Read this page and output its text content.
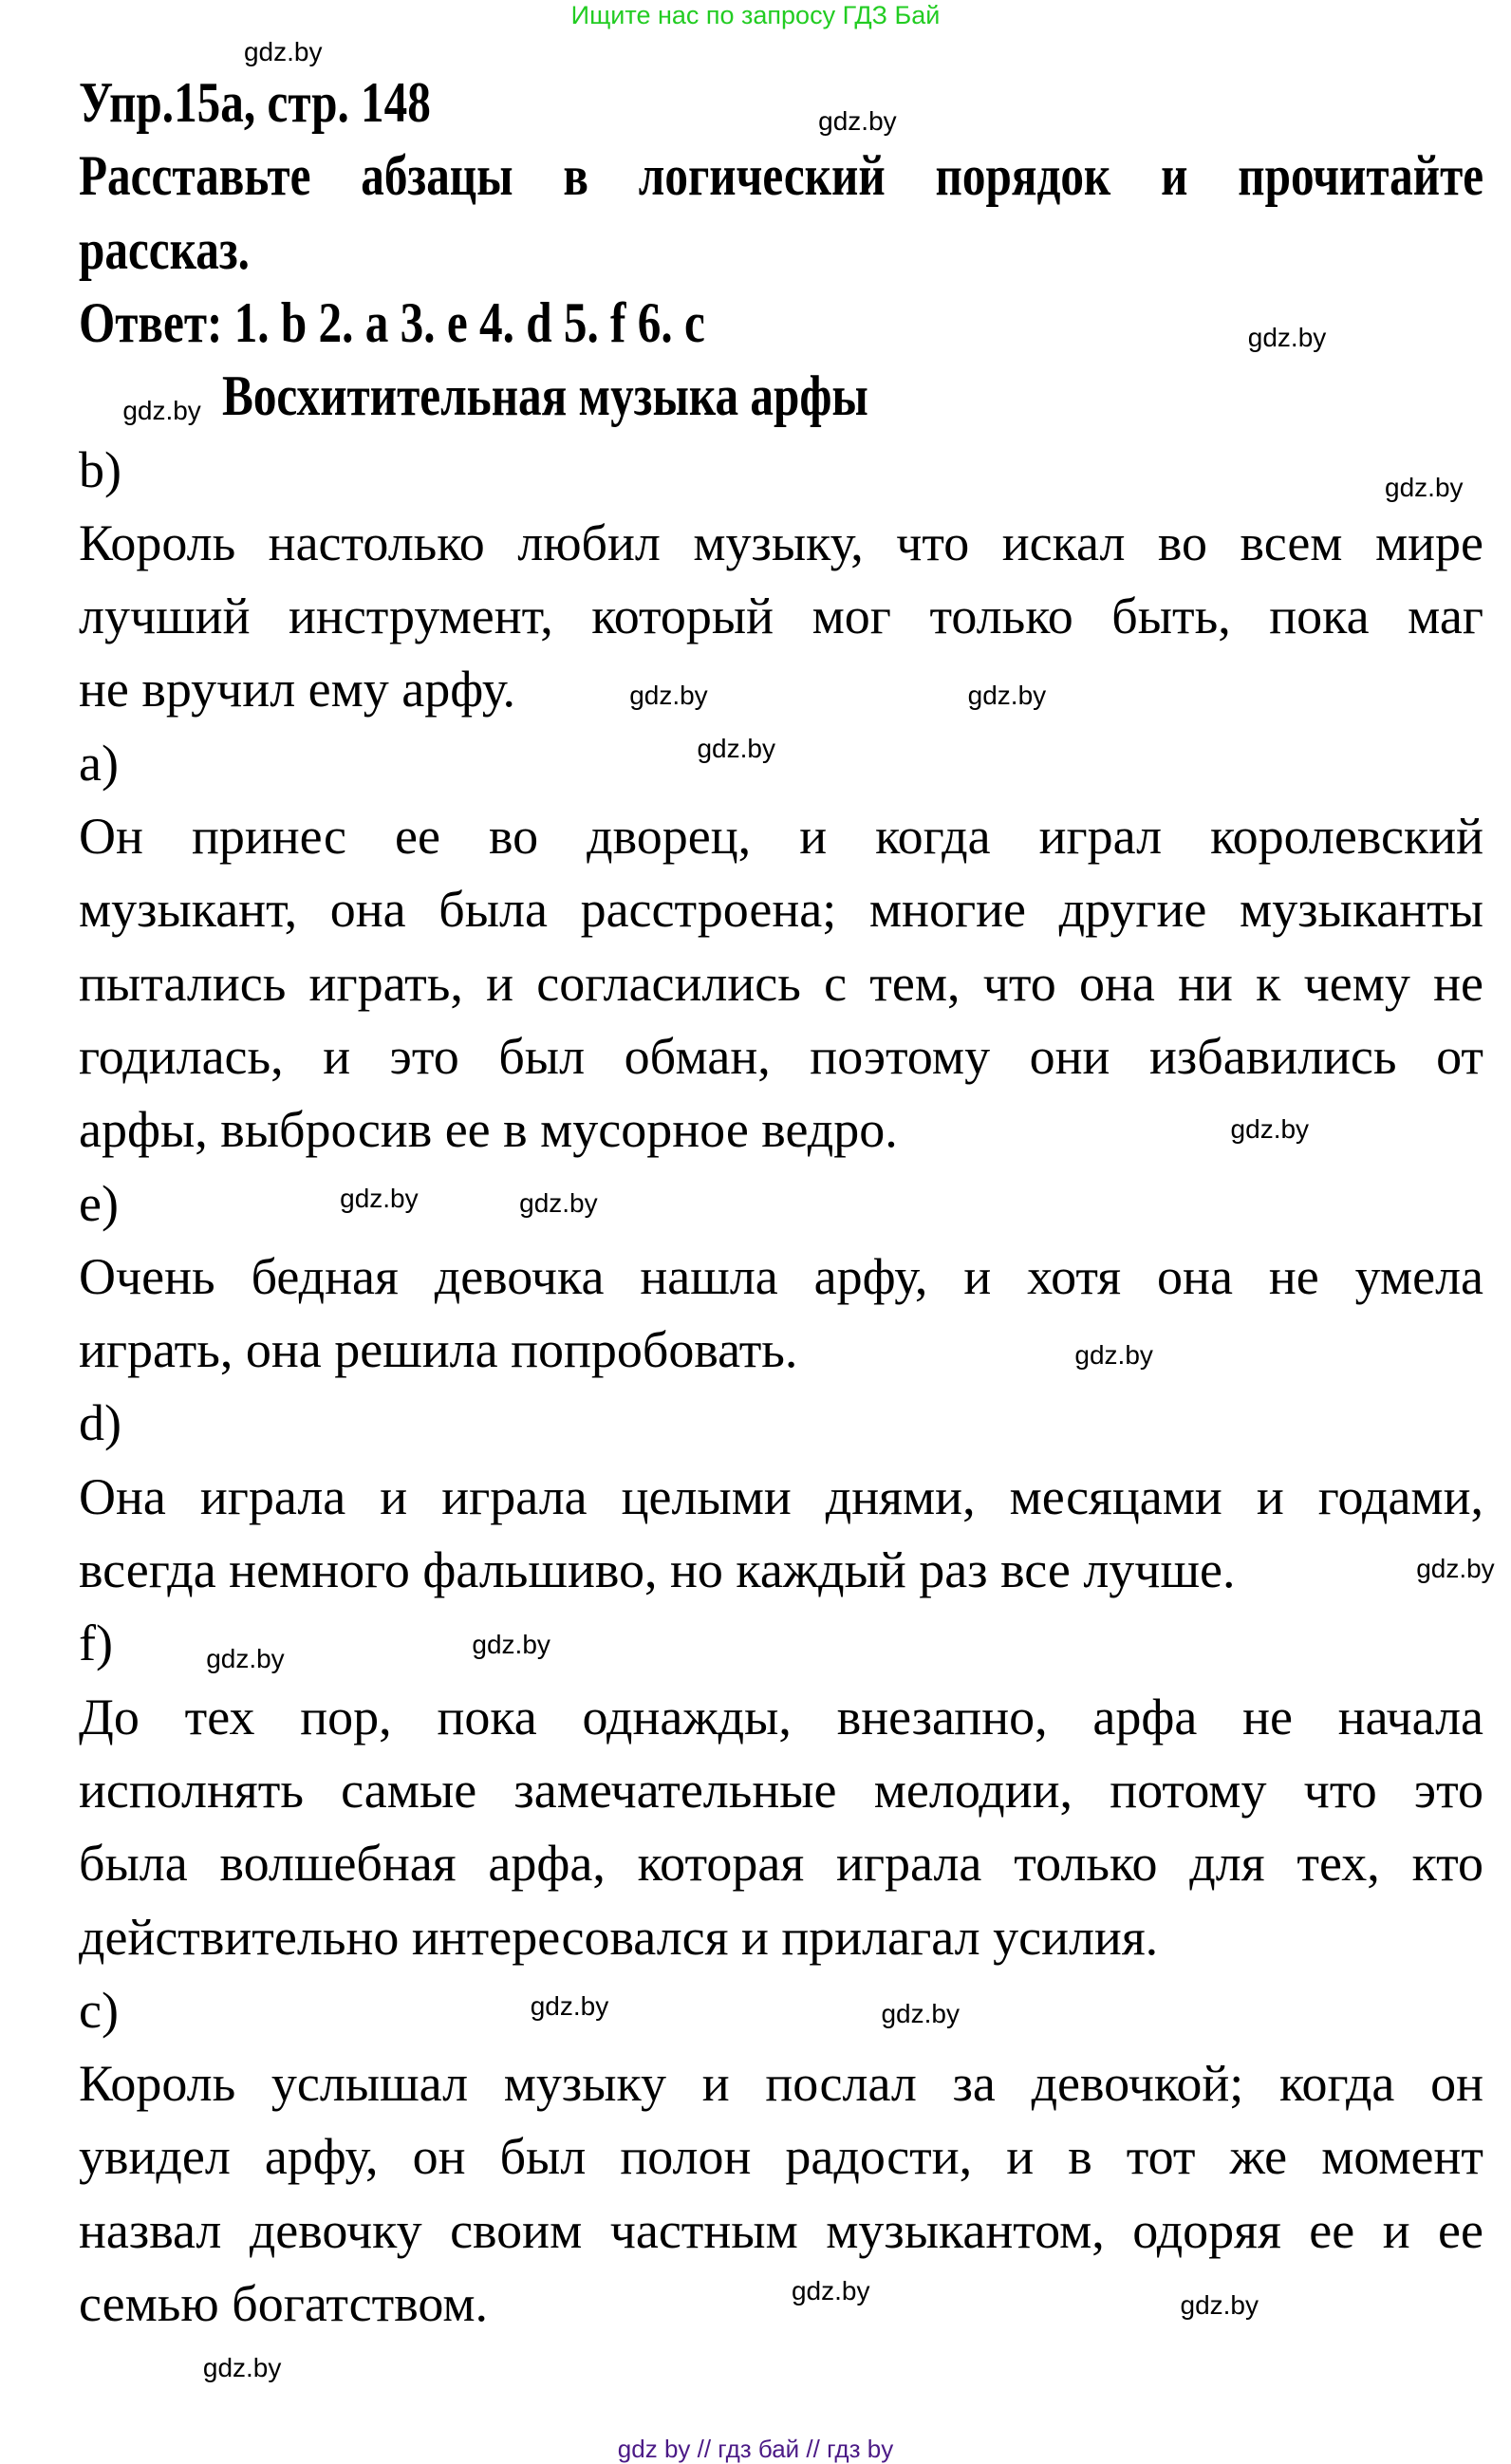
Ищите нас по запросу ГДЗ Бай
Упр.15а, стр. 148
Расставьте абзацы в логический порядок и прочитайте
рассказ.
Ответ: 1. b 2. a 3. e 4. d 5. f 6. c
Восхитительная музыка арфы
b)
Король настолько любил музыку, что искал во всем мире
лучший инструмент, который мог только быть, пока маг
не вручил ему арфу.
a)
Он принес ее во дворец, и когда играл королевский
музыкант, она была расстроена; многие другие музыканты
пытались играть, и согласились с тем, что она ни к чему не
годилась, и это был обман, поэтому они избавились от
арфы, выбросив ее в мусорное ведро.
e)
Очень бедная девочка нашла арфу, и хотя она не умела
играть, она решила попробовать.
d)
Она играла и играла целыми днями, месяцами и годами,
всегда немного фальшиво, но каждый раз все лучше.
f)
До тех пор, пока однажды, внезапно, арфа не начала
исполнять самые замечательные мелодии, потому что это
была волшебная арфа, которая играла только для тех, кто
действительно интересовался и прилагал усилия.
c)
Король услышал музыку и послал за девочкой; когда он
увидел арфу, он был полон радости, и в тот же момент
назвал девочку своим частным музыкантом, одоряя ее и ее
семью богатством.
gdz.by
gdz.by
gdz.by
gdz.by
gdz.by
gdz.by	gdz.by
gdz.by
gdz.by
gdz.by
gdz.by
gdz.by
gdz.by
gdz.by	gdz.by
gdz.by
gdz.by
gdz.by
gdz.by
gdz.by
gdz by // гдз бай // гдз by
